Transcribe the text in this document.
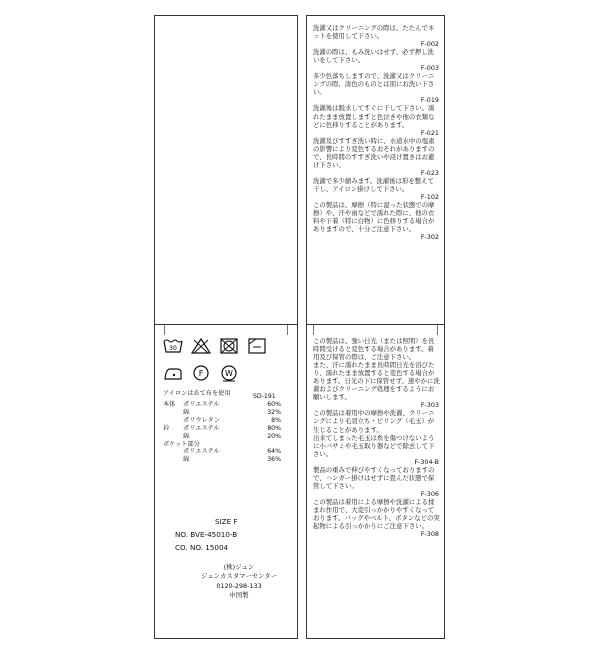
30
F	W
アイロンはあて布を使用	SD-191
本体	ポリエステル	60%
綿	32%
ポリウレタン	8%
衿	ポリエステル	80%
綿	20%
ポケット部分
ポリエステル	64%
綿	36%
SIZE F
NO. BVE-45010-B
CO. NO. 15004
(株)ジュン
ジュンカスタマーセンター
0120-298-133
中国製

洗濯又はクリーニングの際は、たたんでネットを使用して下さい。

F-002

洗濯の際は、もみ洗いはせず、必ず押し洗いをして下さい。

F-003

多少色落ちしますので、洗濯又はクリーニングの際、淡色のものとは別にお洗い下さい。

F-019

洗濯後は脱水してすぐに干して下さい。濡れたまま放置しますと色泣きや他の衣類などに色移りすることがあります。

F-021

洗濯及びすすぎ洗い時に、水道水中の塩素の影響により変色するおそれがありますので、長時間のすすぎ洗いや浸け置きはお避け下さい。

F-023

洗濯で多少縮みます。洗濯後は形を整えて干し、アイロン掛けして下さい。

F-102

この製品は、摩擦（特に湿った状態での摩擦）や、汗や雨などで濡れた際に、他の衣料や下着（特に白物）に色移りする場合がありますので、十分ご注意下さい。

F-302

この製品は、強い日光（または照明）を長時間受けると変色する場合があります。着用及び保管の際は、ご注意下さい。

また、汗に濡れたまま長時間日光を浴びたり、濡れたまま放置すると変色する場合があります。日光の下に保管せず、速やかに洗濯およびクリーニング処理をするようにお願いします。

F-303

この製品は着用中の摩擦や洗濯、クリーニングにより毛羽立ち・ピリング（毛玉）が生じることがあります。

出来てしまった毛玉は糸を傷つけないように小バサミや毛玉取り器などで除去して下さい。

F-304-B

製品の重みで伸びやすくなっておりますので、ハンガー掛けはせずに畳んだ状態で保管して下さい。

F-306

この製品は着用による摩擦や洗濯による揉まれ作用で、大変引っかかりやすくなっております。バッグやベルト、ボタンなどの突起物による引っかかりにご注意下さい。

F-308
